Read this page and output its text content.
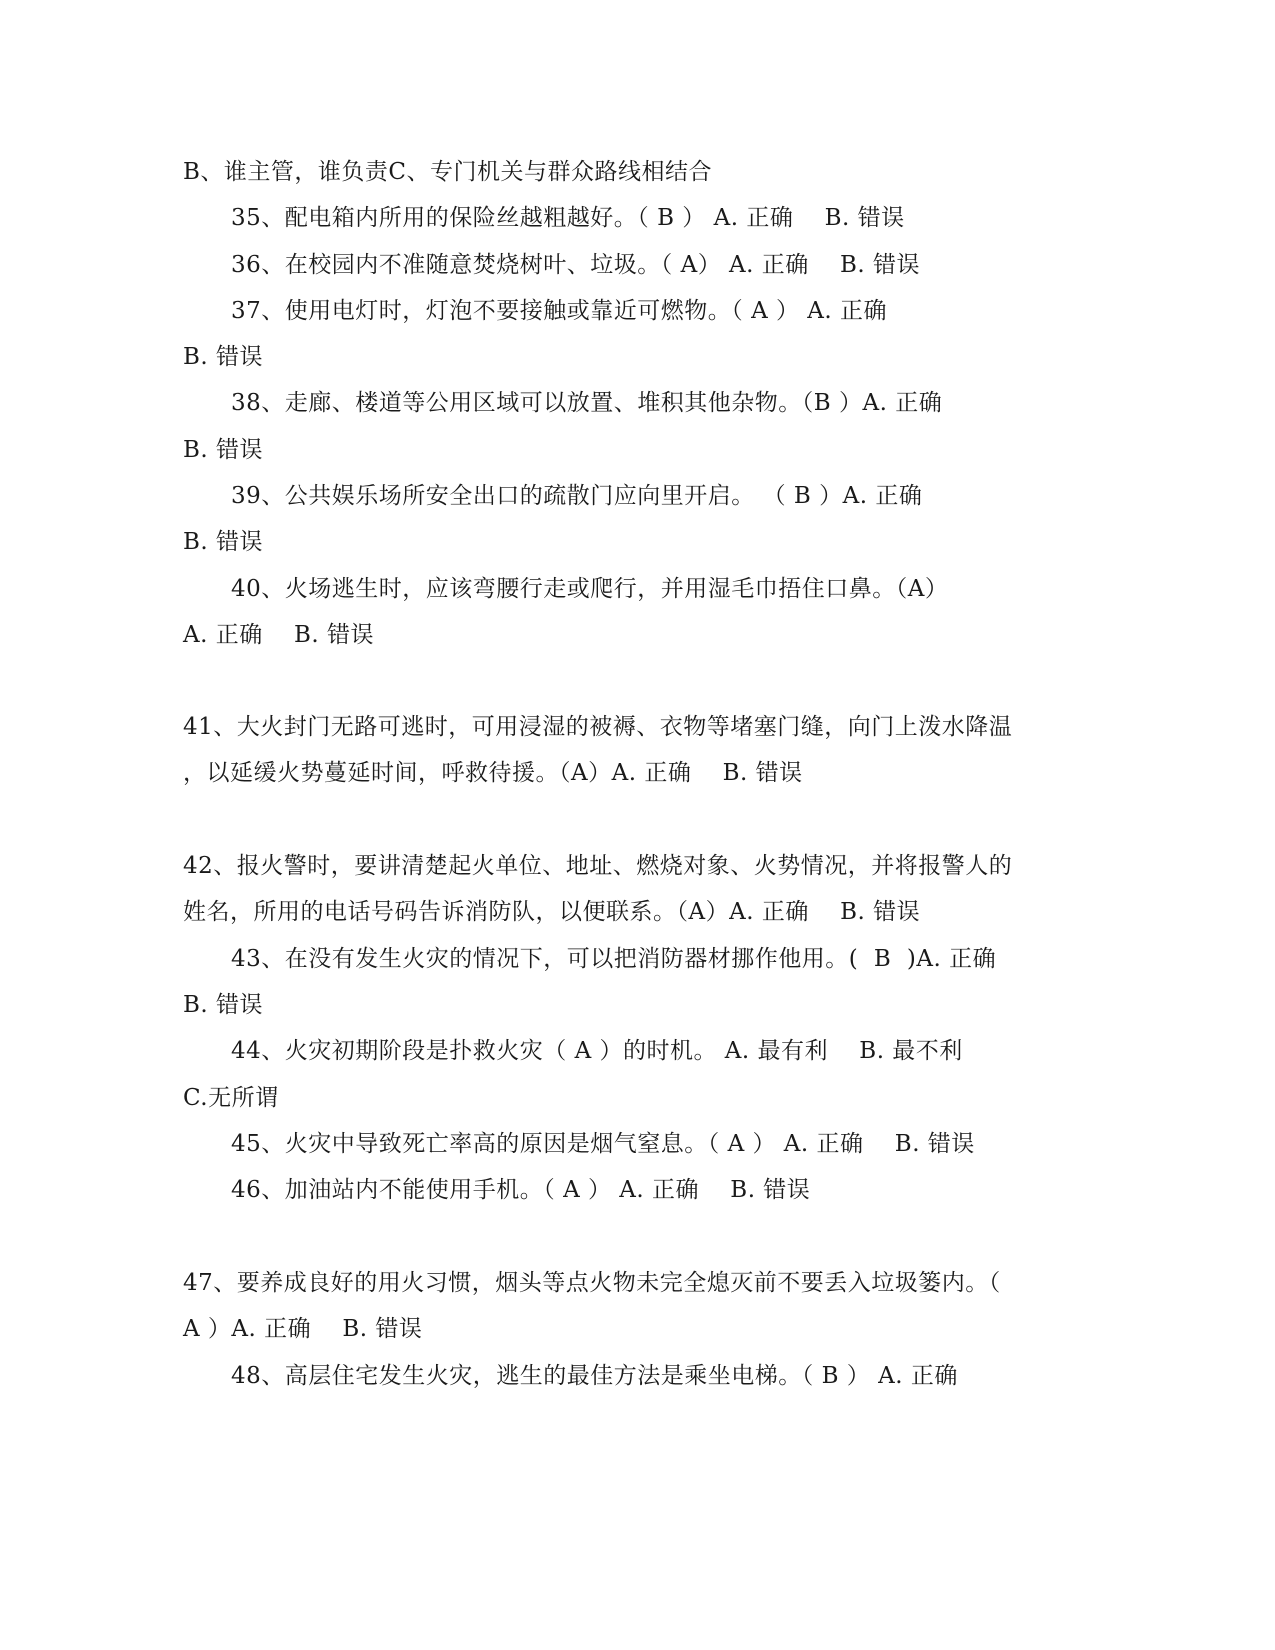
B、谁主管，谁负责C、专门机关与群众路线相结合
35、配电箱内所用的保险丝越粗越好。（ B ） A. 正确    B. 错误
36、在校园内不准随意焚烧树叶、垃圾。（ A） A. 正确    B. 错误
37、使用电灯时，灯泡不要接触或靠近可燃物。（ A ） A. 正确
B. 错误
38、走廊、楼道等公用区域可以放置、堆积其他杂物。（B ）A. 正确
B. 错误
39、公共娱乐场所安全出口的疏散门应向里开启。 （ B ）A. 正确
B. 错误
40、火场逃生时，应该弯腰行走或爬行，并用湿毛巾捂住口鼻。（A）
A. 正确    B. 错误
41、大火封门无路可逃时，可用浸湿的被褥、衣物等堵塞门缝，向门上泼水降温
，以延缓火势蔓延时间，呼救待援。（A）A. 正确    B. 错误
42、报火警时，要讲清楚起火单位、地址、燃烧对象、火势情况，并将报警人的
姓名，所用的电话号码告诉消防队，以便联系。（A）A. 正确    B. 错误
43、在没有发生火灾的情况下，可以把消防器材挪作他用。(  B  )A. 正确
B. 错误
44、火灾初期阶段是扑救火灾（ A ）的时机。 A. 最有利    B. 最不利
C.无所谓
45、火灾中导致死亡率高的原因是烟气窒息。（ A ） A. 正确    B. 错误
46、加油站内不能使用手机。（ A ） A. 正确    B. 错误
47、要养成良好的用火习惯，烟头等点火物未完全熄灭前不要丢入垃圾篓内。（
A ）A. 正确    B. 错误
48、高层住宅发生火灾，逃生的最佳方法是乘坐电梯。（ B ） A. 正确
